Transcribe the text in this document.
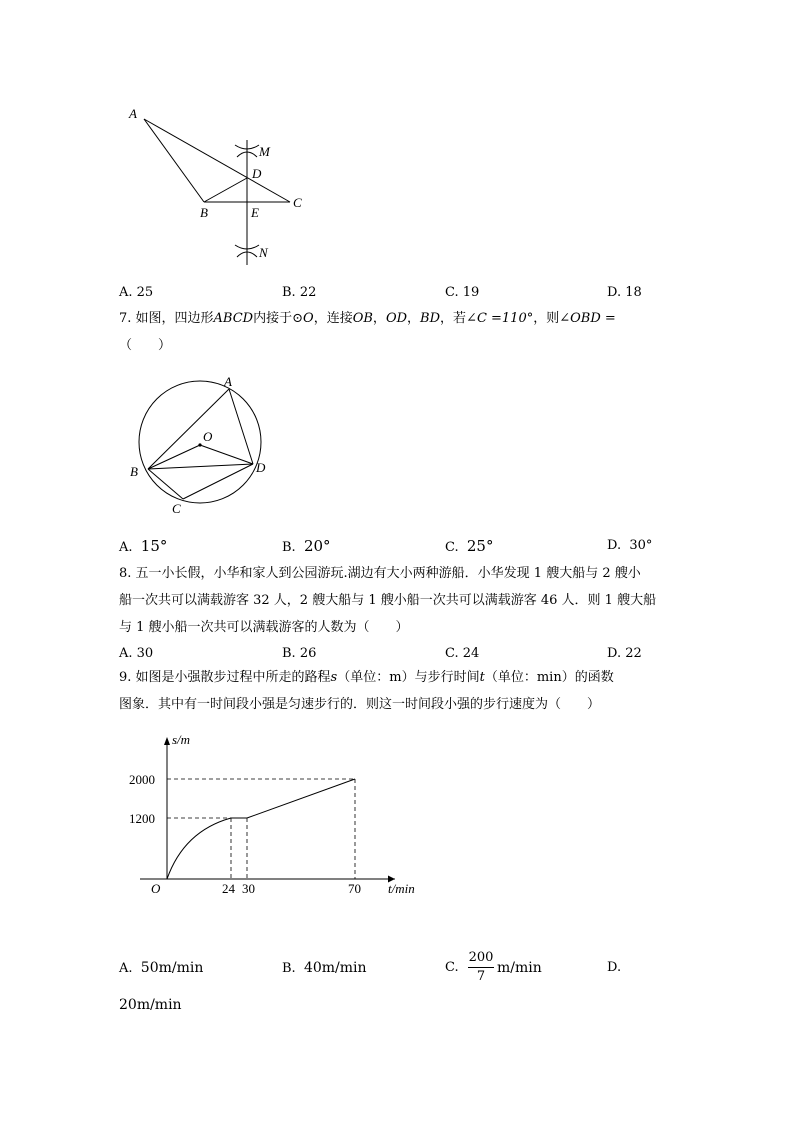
A
M
D
B	E
C
N
A. 25	B. 22	C. 19	D. 18
7. 如图，四边形ABCD内接于⊙O，连接OB，OD，BD，若∠C =110°，则∠OBD =
（　　）
A
O
B	D
C
A. 15°	B. 20°	C. 25°	D. 30°
8. 五一小长假，小华和家人到公园游玩.湖边有大小两种游船．小华发现 1 艘大船与 2 艘小
船一次共可以满载游客 32 人，2 艘大船与 1 艘小船一次共可以满载游客 46 人．则 1 艘大船
与 1 艘小船一次共可以满载游客的人数为（　　）
A. 30	B. 26	C. 24	D. 22
9. 如图是小强散步过程中所走的路程s（单位：m）与步行时间t（单位：min）的函数
图象．其中有一时间段小强是匀速步行的．则这一时间段小强的步行速度为（　　）
s/m
2000
1200
O	24 30	70 t/min
A. 50m/min	B. 40m/min	C.
200
7
m/min	D.
20m/min
